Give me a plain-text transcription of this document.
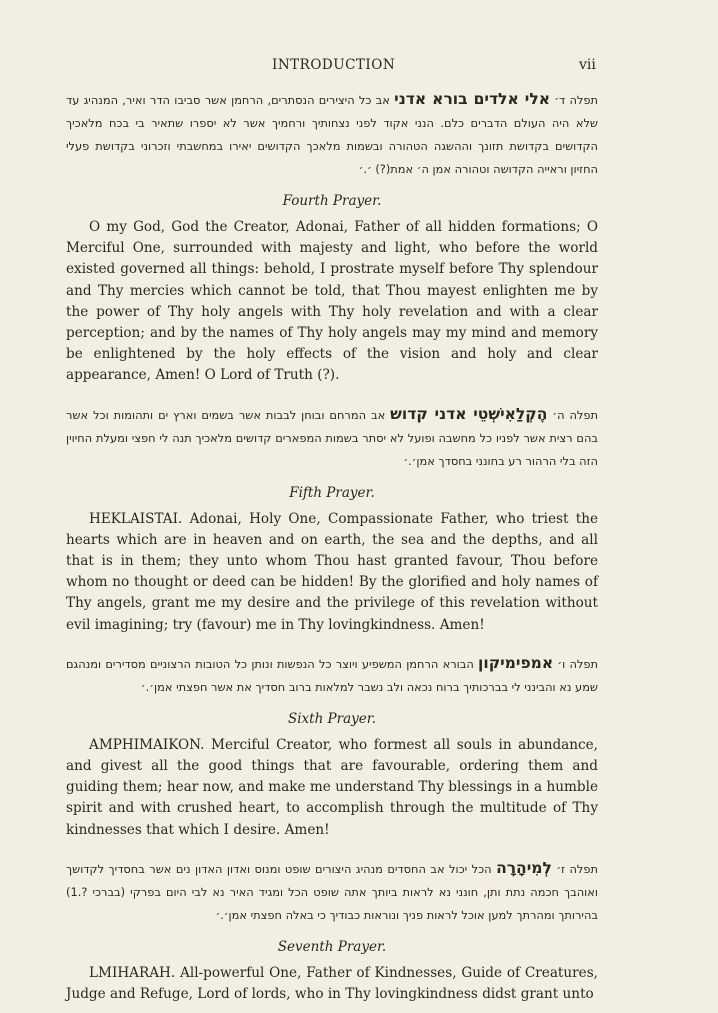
INTRODUCTION	vii

תפלה ד׳ אלי אלדים בורא אדני אב כל היצירים הנסתרים, הרחמן אשר סביבו הדר ואיר, המנהיג עד שלא היה העולם הדברים כלם. הנני אקוד לפני נצחותיך ורחמיך אשר לא יספרו שתאיר בי בכח מלאכיך הקדושים בקדושת תזונך וההשגה הטהורה ובשמות מלאכך הקדושים יאירו במחשבתי וזכרוני בקדושת פעלי החזיון וראייה הקדושה וטהורה אמן ה׳ אמת(?) ׳.׳

Fourth Prayer.

O my God, God the Creator, Adonai, Father of all hidden formations; O Merciful One, surrounded with majesty and light, who before the world existed governed all things: behold, I prostrate myself before Thy splendour and Thy mercies which cannot be told, that Thou mayest enlighten me by the power of Thy holy angels with Thy holy revelation and with a clear perception; and by the names of Thy holy angels may my mind and memory be enlightened by the holy effects of the vision and holy and clear appearance, Amen! O Lord of Truth (?).

תפלה ה׳ הֶקְלַאִישְׁטֵי אדני קדוש אב המרחם ובוחן לבבות אשר בשמים וארץ ים ותהומות וכל אשר בהם רצית אשר לפניו כל מחשבה ופועל לא יסתר בשמות המפארים קדושים מלאכיך תנה לי חפצי ומעלת החיוין הזה בלי הרהור רע בחונני בחסדך אמן׳.׳

Fifth Prayer.

HEKLAISTAI. Adonai, Holy One, Compassionate Father, who triest the hearts which are in heaven and on earth, the sea and the depths, and all that is in them; they unto whom Thou hast granted favour, Thou before whom no thought or deed can be hidden! By the glorified and holy names of Thy angels, grant me my desire and the privilege of this revelation without evil imagining; try (favour) me in Thy lovingkindness. Amen!

תפלה ו׳ אמפימיקון הבורא הרחמן המשפיע ויוצר כל הנפשות ונותן כל הטובות הרצוניים מסדירים ומנהגם שמע נא והבינני לי בברכותיך ברוח נכאה ולב נשבר למלאות ברוב חסדיך את אשר חפצתי אמן׳.׳

Sixth Prayer.

AMPHIMAIKON. Merciful Creator, who formest all souls in abundance, and givest all the good things that are favourable, ordering them and guiding them; hear now, and make me understand Thy blessings in a humble spirit and with crushed heart, to accomplish through the multitude of Thy kindnesses that which I desire. Amen!

תפלה ז׳ לְמִיהָרָה הכל יכול אב החסדים מנהיג היצורים שופט ומנוס ואדון האדון נים אשר בחסדיך לקדושך ואוהבך חכמה נתת ותן, חונני נא לראות ביותך אתה שופט הכל ומגיד האיר נא לבי היום בפרקי (בברכי ?.1) בהירותך ומהרתך למען אוכל לראות פניך ונוראות כבודיך כי באלה חפצתי אמן׳.׳

Seventh Prayer.

LMIHARAH. All-powerful One, Father of Kindnesses, Guide of Creatures, Judge and Refuge, Lord of lords, who in Thy lovingkindness didst grant unto
